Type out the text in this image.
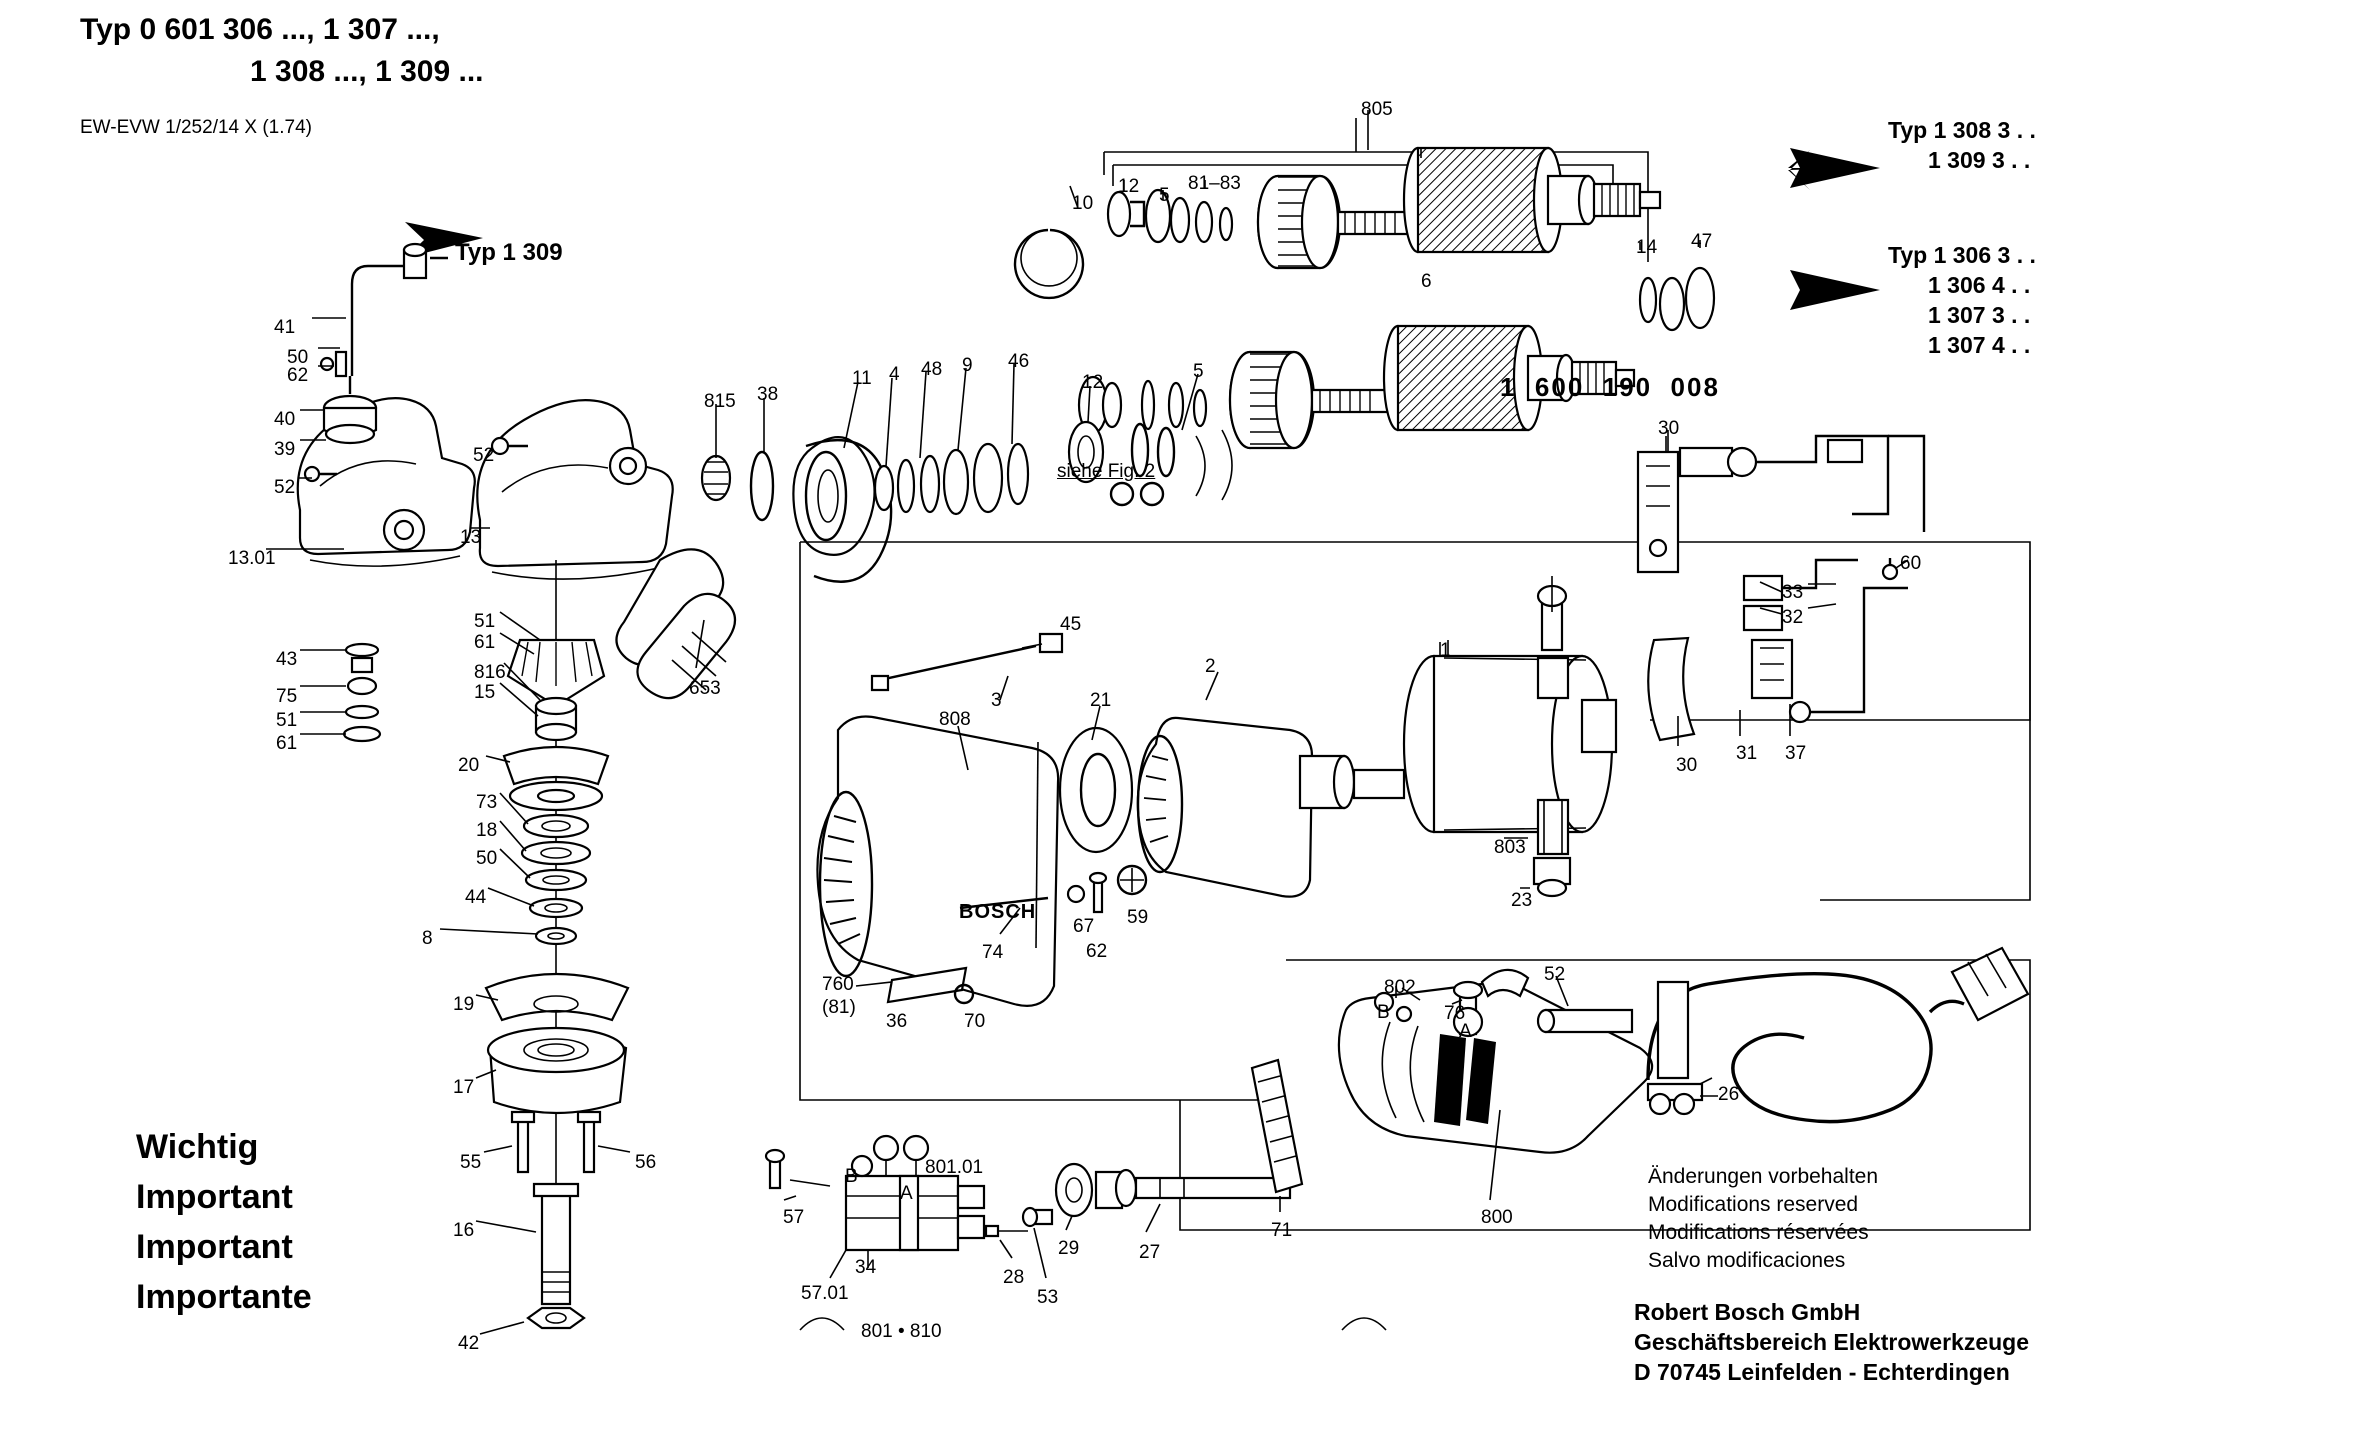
Typ 0 601 306 ..., 1 307 ...,
1 308 ..., 1 309 ...
EW-EVW 1/252/14 X (1.74)
Typ 1 309
Typ 1 308 3 . .
1 309 3 . .
Typ 1 306 3 . .
1 306 4 . .
1 307 3 . .
1 307 4 . .
siehe Fig. 2
1  600  190  008
BOSCH
Wichtig
Important
Important
Importante
Änderungen vorbehalten
Modifications reserved
Modifications réservées
Salvo modificaciones
Robert Bosch GmbH
Geschäftsbereich Elektrowerkzeuge
D 70745 Leinfelden - Echterdingen
805
10
12 5
81–83
14 47
6
12
5
41
50
62
40
39
52
52
13.01
13
815 38
11 4 48 9 46
653
51
61
816
15
43
75
51
61
20
73
18
50
44
8
19
17
55	56
16
42
45
3
808
21
2
1
30
33
32
60
30
31 37
803
23
74
67 59
62
760
(81)
36	70
802
76
52
26
800
57
801.01
34
57.01
801 • 810
28
53
29	27
71
A
A
B
B
